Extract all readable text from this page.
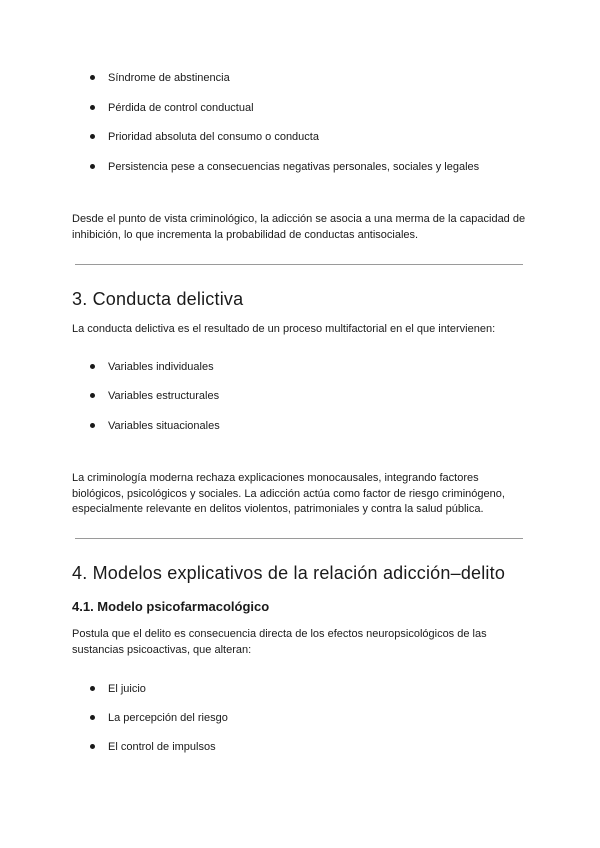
Síndrome de abstinencia
Pérdida de control conductual
Prioridad absoluta del consumo o conducta
Persistencia pese a consecuencias negativas personales, sociales y legales

Desde el punto de vista criminológico, la adicción se asocia a una merma de la capacidad de inhibición, lo que incrementa la probabilidad de conductas antisociales.

3. Conducta delictiva

La conducta delictiva es el resultado de un proceso multifactorial en el que intervienen:

Variables individuales
Variables estructurales
Variables situacionales

La criminología moderna rechaza explicaciones monocausales, integrando factores biológicos, psicológicos y sociales. La adicción actúa como factor de riesgo criminógeno, especialmente relevante en delitos violentos, patrimoniales y contra la salud pública.

4. Modelos explicativos de la relación adicción–delito
4.1. Modelo psicofarmacológico

Postula que el delito es consecuencia directa de los efectos neuropsicológicos de las sustancias psicoactivas, que alteran:

El juicio
La percepción del riesgo
El control de impulsos
